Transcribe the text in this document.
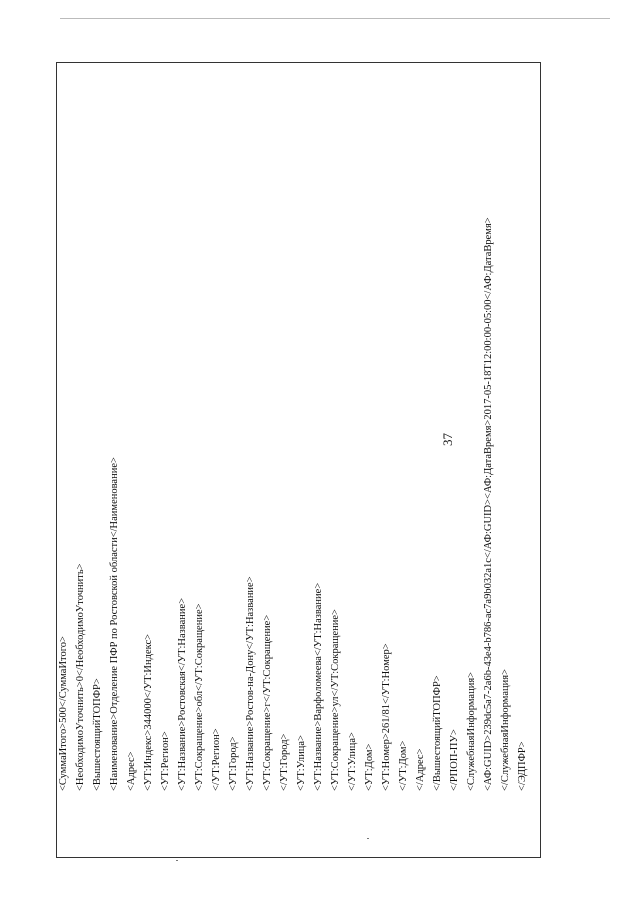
37
<СуммаИтого>500</СуммаИтого> <НеобходимоУточнить>0</НеобходимоУточнить> <ВышестоящийТОПФР> <Наименование>Отделение ПФР по Ростовской области</Наименование> <Адрес> <УТ:Индекс>344000</УТ:Индекс> <УТ:Регион> <УТ:Название>Ростовская</УТ:Название> <УТ:Сокращение>обл</УТ:Сокращение> </УТ:Регион> <УТ:Город> <УТ:Название>Ростов-на-Дону</УТ:Название> <УТ:Сокращение>г</УТ:Сокращение> </УТ:Город> <УТ:Улица> <УТ:Название>Варфоломеева</УТ:Название> <УТ:Сокращение>ул</УТ:Сокращение> </УТ:Улица> <УТ:Дом> <УТ:Номер>261/81</УТ:Номер> </УТ:Дом> </Адрес> </ВышестоящийТОПФР> </РПОП-ПУ> <СлужебнаяИнформация> <АФ:GUID>239dc5a7-2a6b-43e4-b786-ac7a9b032a1c</АФ:GUID><АФ:ДатаВремя>2017-05-18T12:00:00-05:00</АФ:ДатаВремя> </СлужебнаяИнформация> </ЭДПФР>
